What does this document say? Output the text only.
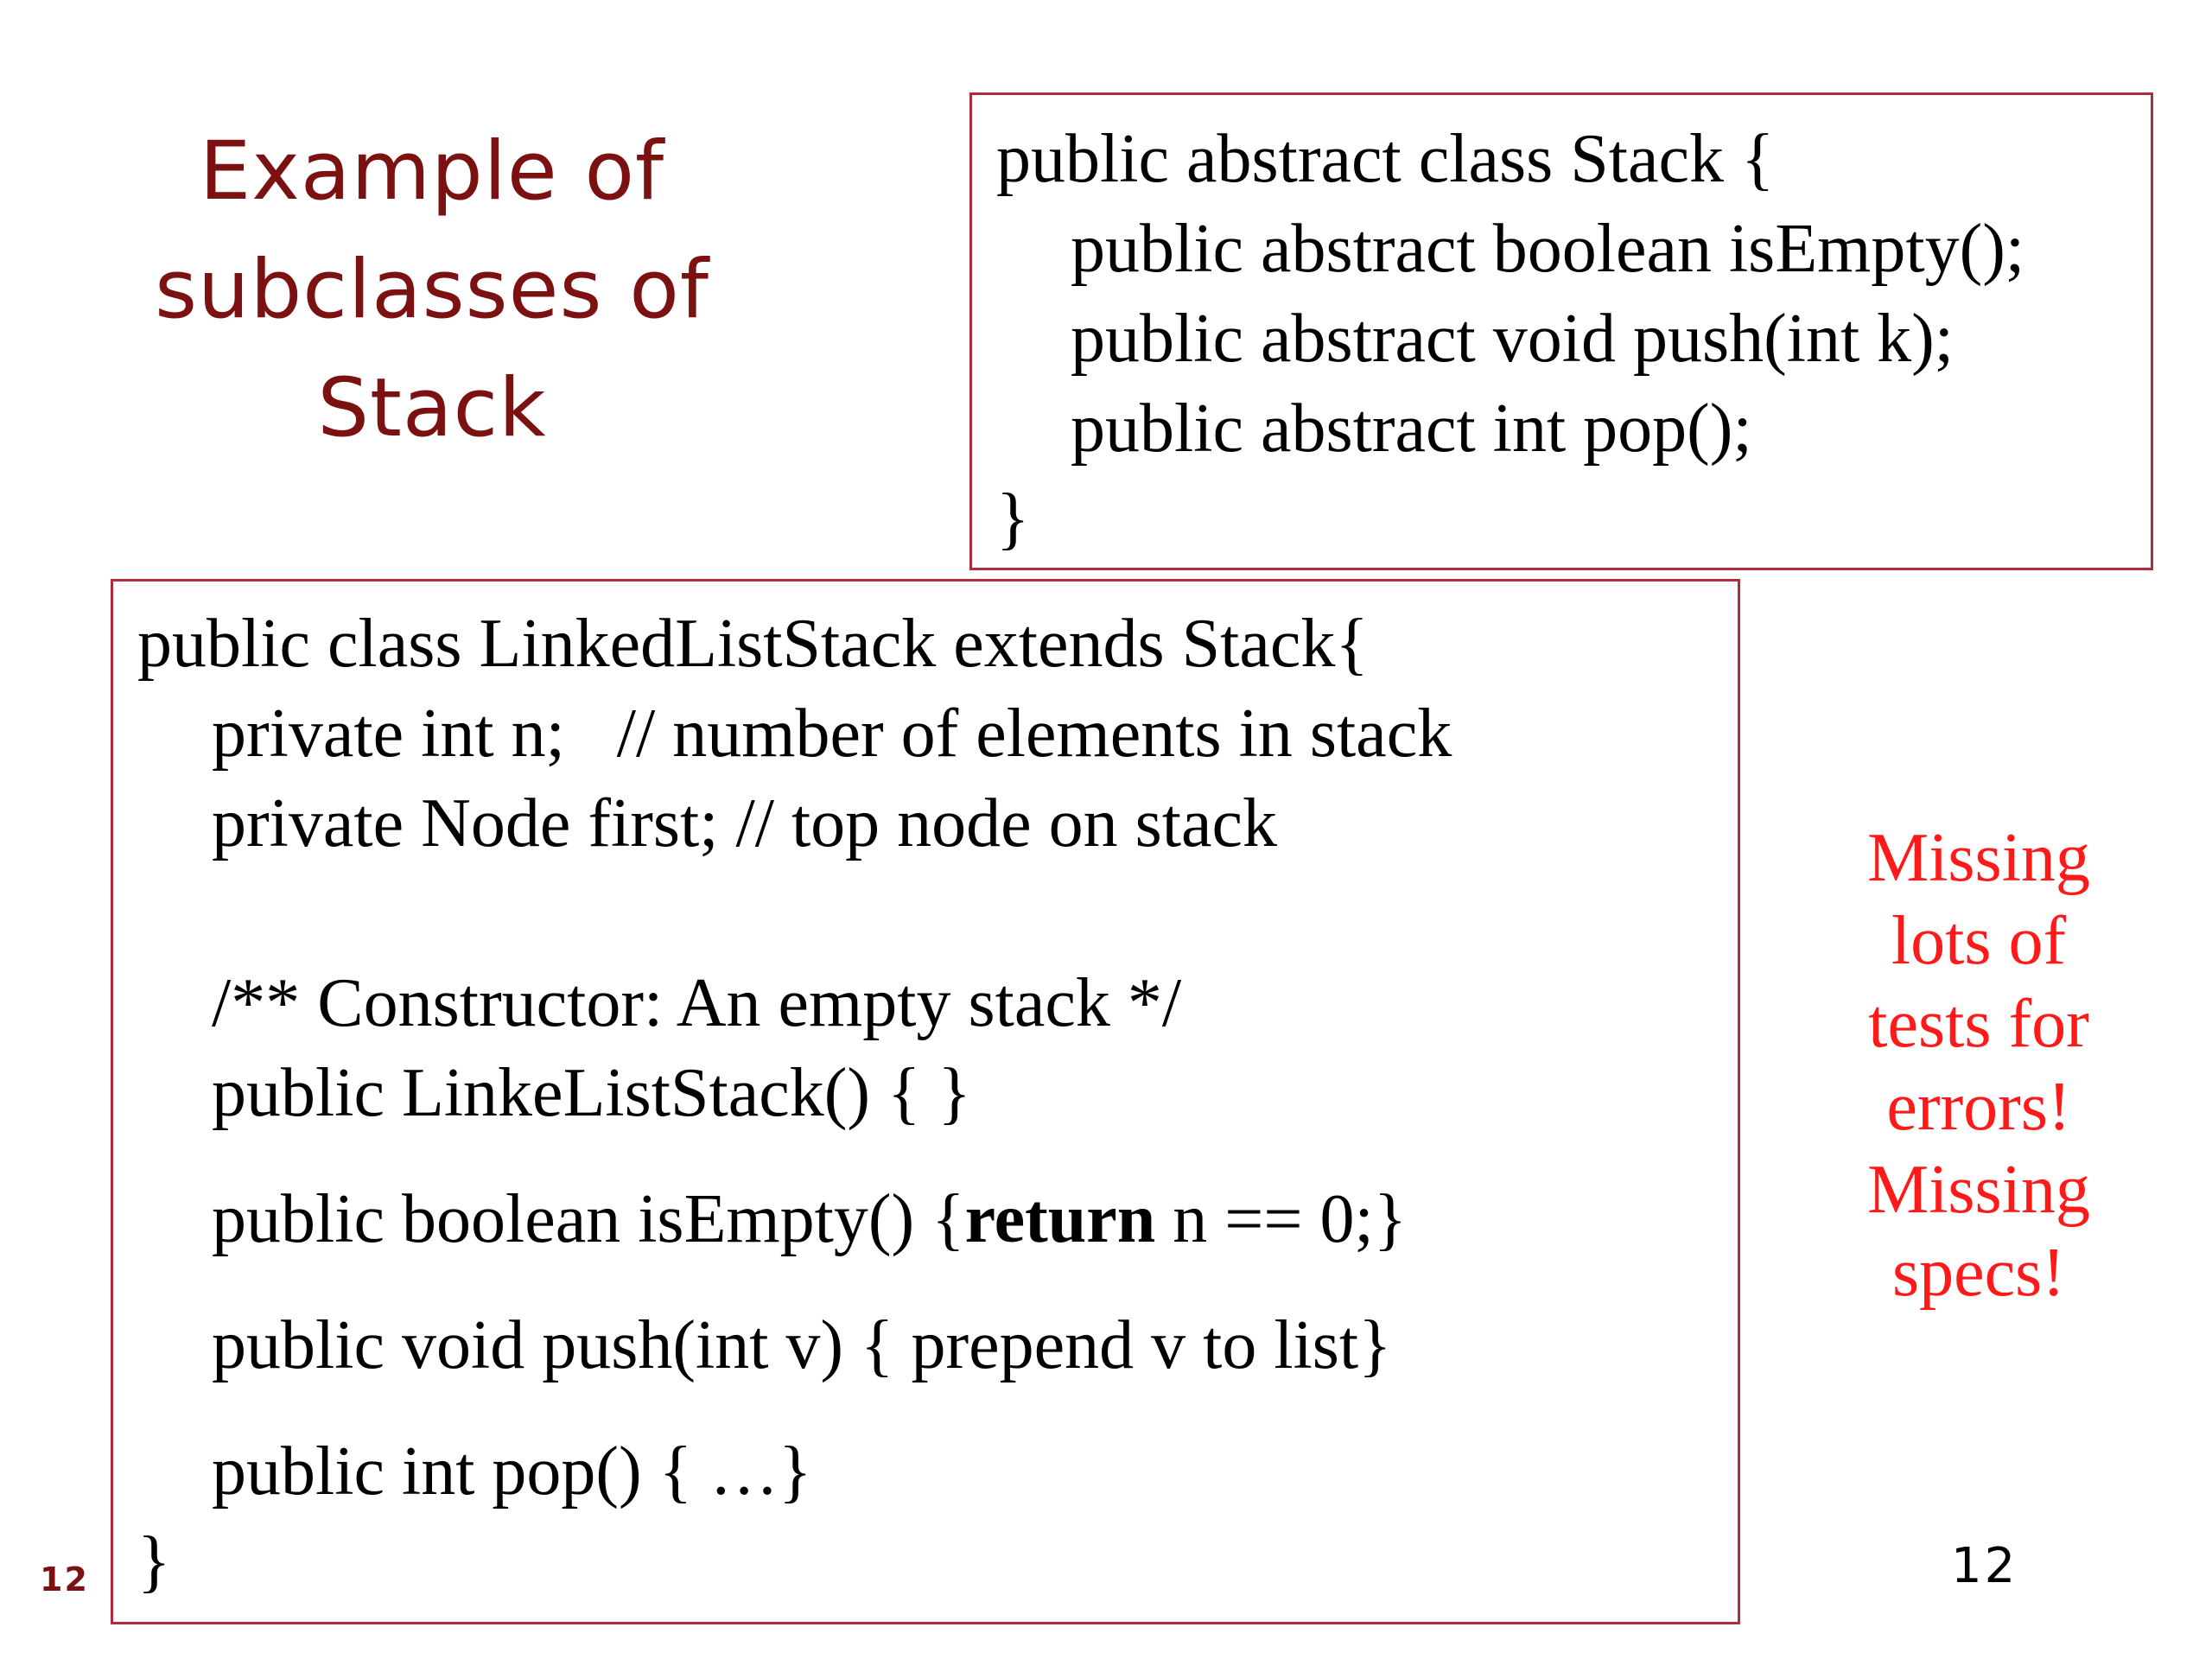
Example of
subclasses of
Stack
public abstract class Stack {
public abstract boolean isEmpty();
public abstract void push(int k);
public abstract int pop();
}
public class LinkedListStack extends Stack{
private int n;   // number of elements in stack
private Node first; // top node on stack
/** Constructor: An empty stack */
public LinkeListStack() { }
public boolean isEmpty() {return n == 0;}
public void push(int v) { prepend v to list}
public int pop() { …}
}
Missing
lots of
tests for
errors!
Missing
specs!
12	12
